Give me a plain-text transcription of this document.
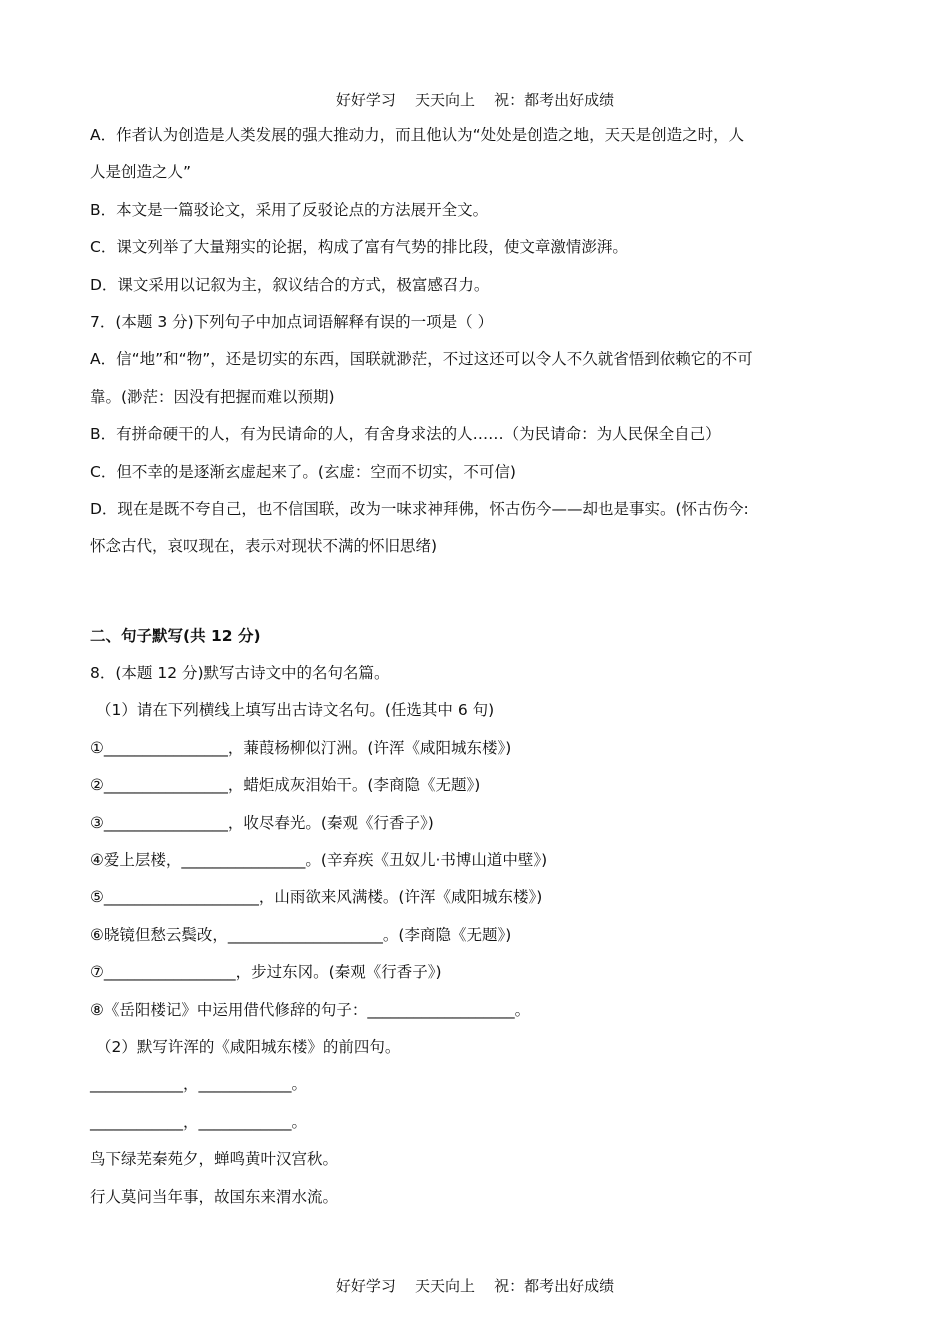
好好学习    天天向上    祝：都考出好成绩
A．作者认为创造是人类发展的强大推动力，而且他认为“处处是创造之地，天天是创造之时，人
人是创造之人”
B．本文是一篇驳论文，采用了反驳论点的方法展开全文。
C．课文列举了大量翔实的论据，构成了富有气势的排比段，使文章激情澎湃。
D．课文采用以记叙为主，叙议结合的方式，极富感召力。
7．(本题 3 分)下列句子中加点词语解释有误的一项是（ ）
A．信“地”和“物”，还是切实的东西，国联就渺茫，不过这还可以令人不久就省悟到依赖它的不可
靠。(渺茫：因没有把握而难以预期)
B．有拼命硬干的人，有为民请命的人，有舍身求法的人……（为民请命：为人民保全自己）
C．但不幸的是逐渐玄虚起来了。(玄虚：空而不切实，不可信)
D．现在是既不夸自己，也不信国联，改为一味求神拜佛，怀古伤今——却也是事实。(怀古伤今:
怀念古代，哀叹现在，表示对现状不满的怀旧思绪)
二、句子默写(共 12 分)
8．(本题 12 分)默写古诗文中的名句名篇。
（1）请在下列横线上填写出古诗文名句。(任选其中 6 句)
①________________，蒹葭杨柳似汀洲。(许浑《咸阳城东楼》)
②________________，蜡炬成灰泪始干。(李商隐《无题》)
③________________，收尽春光。(秦观《行香子》)
④爱上层楼，________________。(辛弃疾《丑奴儿·书博山道中壁》)
⑤____________________，山雨欲来风满楼。(许浑《咸阳城东楼》)
⑥晓镜但愁云鬓改，____________________。(李商隐《无题》)
⑦_________________，步过东冈。(秦观《行香子》)
⑧《岳阳楼记》中运用借代修辞的句子：___________________。
（2）默写许浑的《咸阳城东楼》的前四句。
____________，____________。
____________，____________。
鸟下绿芜秦苑夕，蝉鸣黄叶汉宫秋。
行人莫问当年事，故国东来渭水流。
好好学习    天天向上    祝：都考出好成绩
